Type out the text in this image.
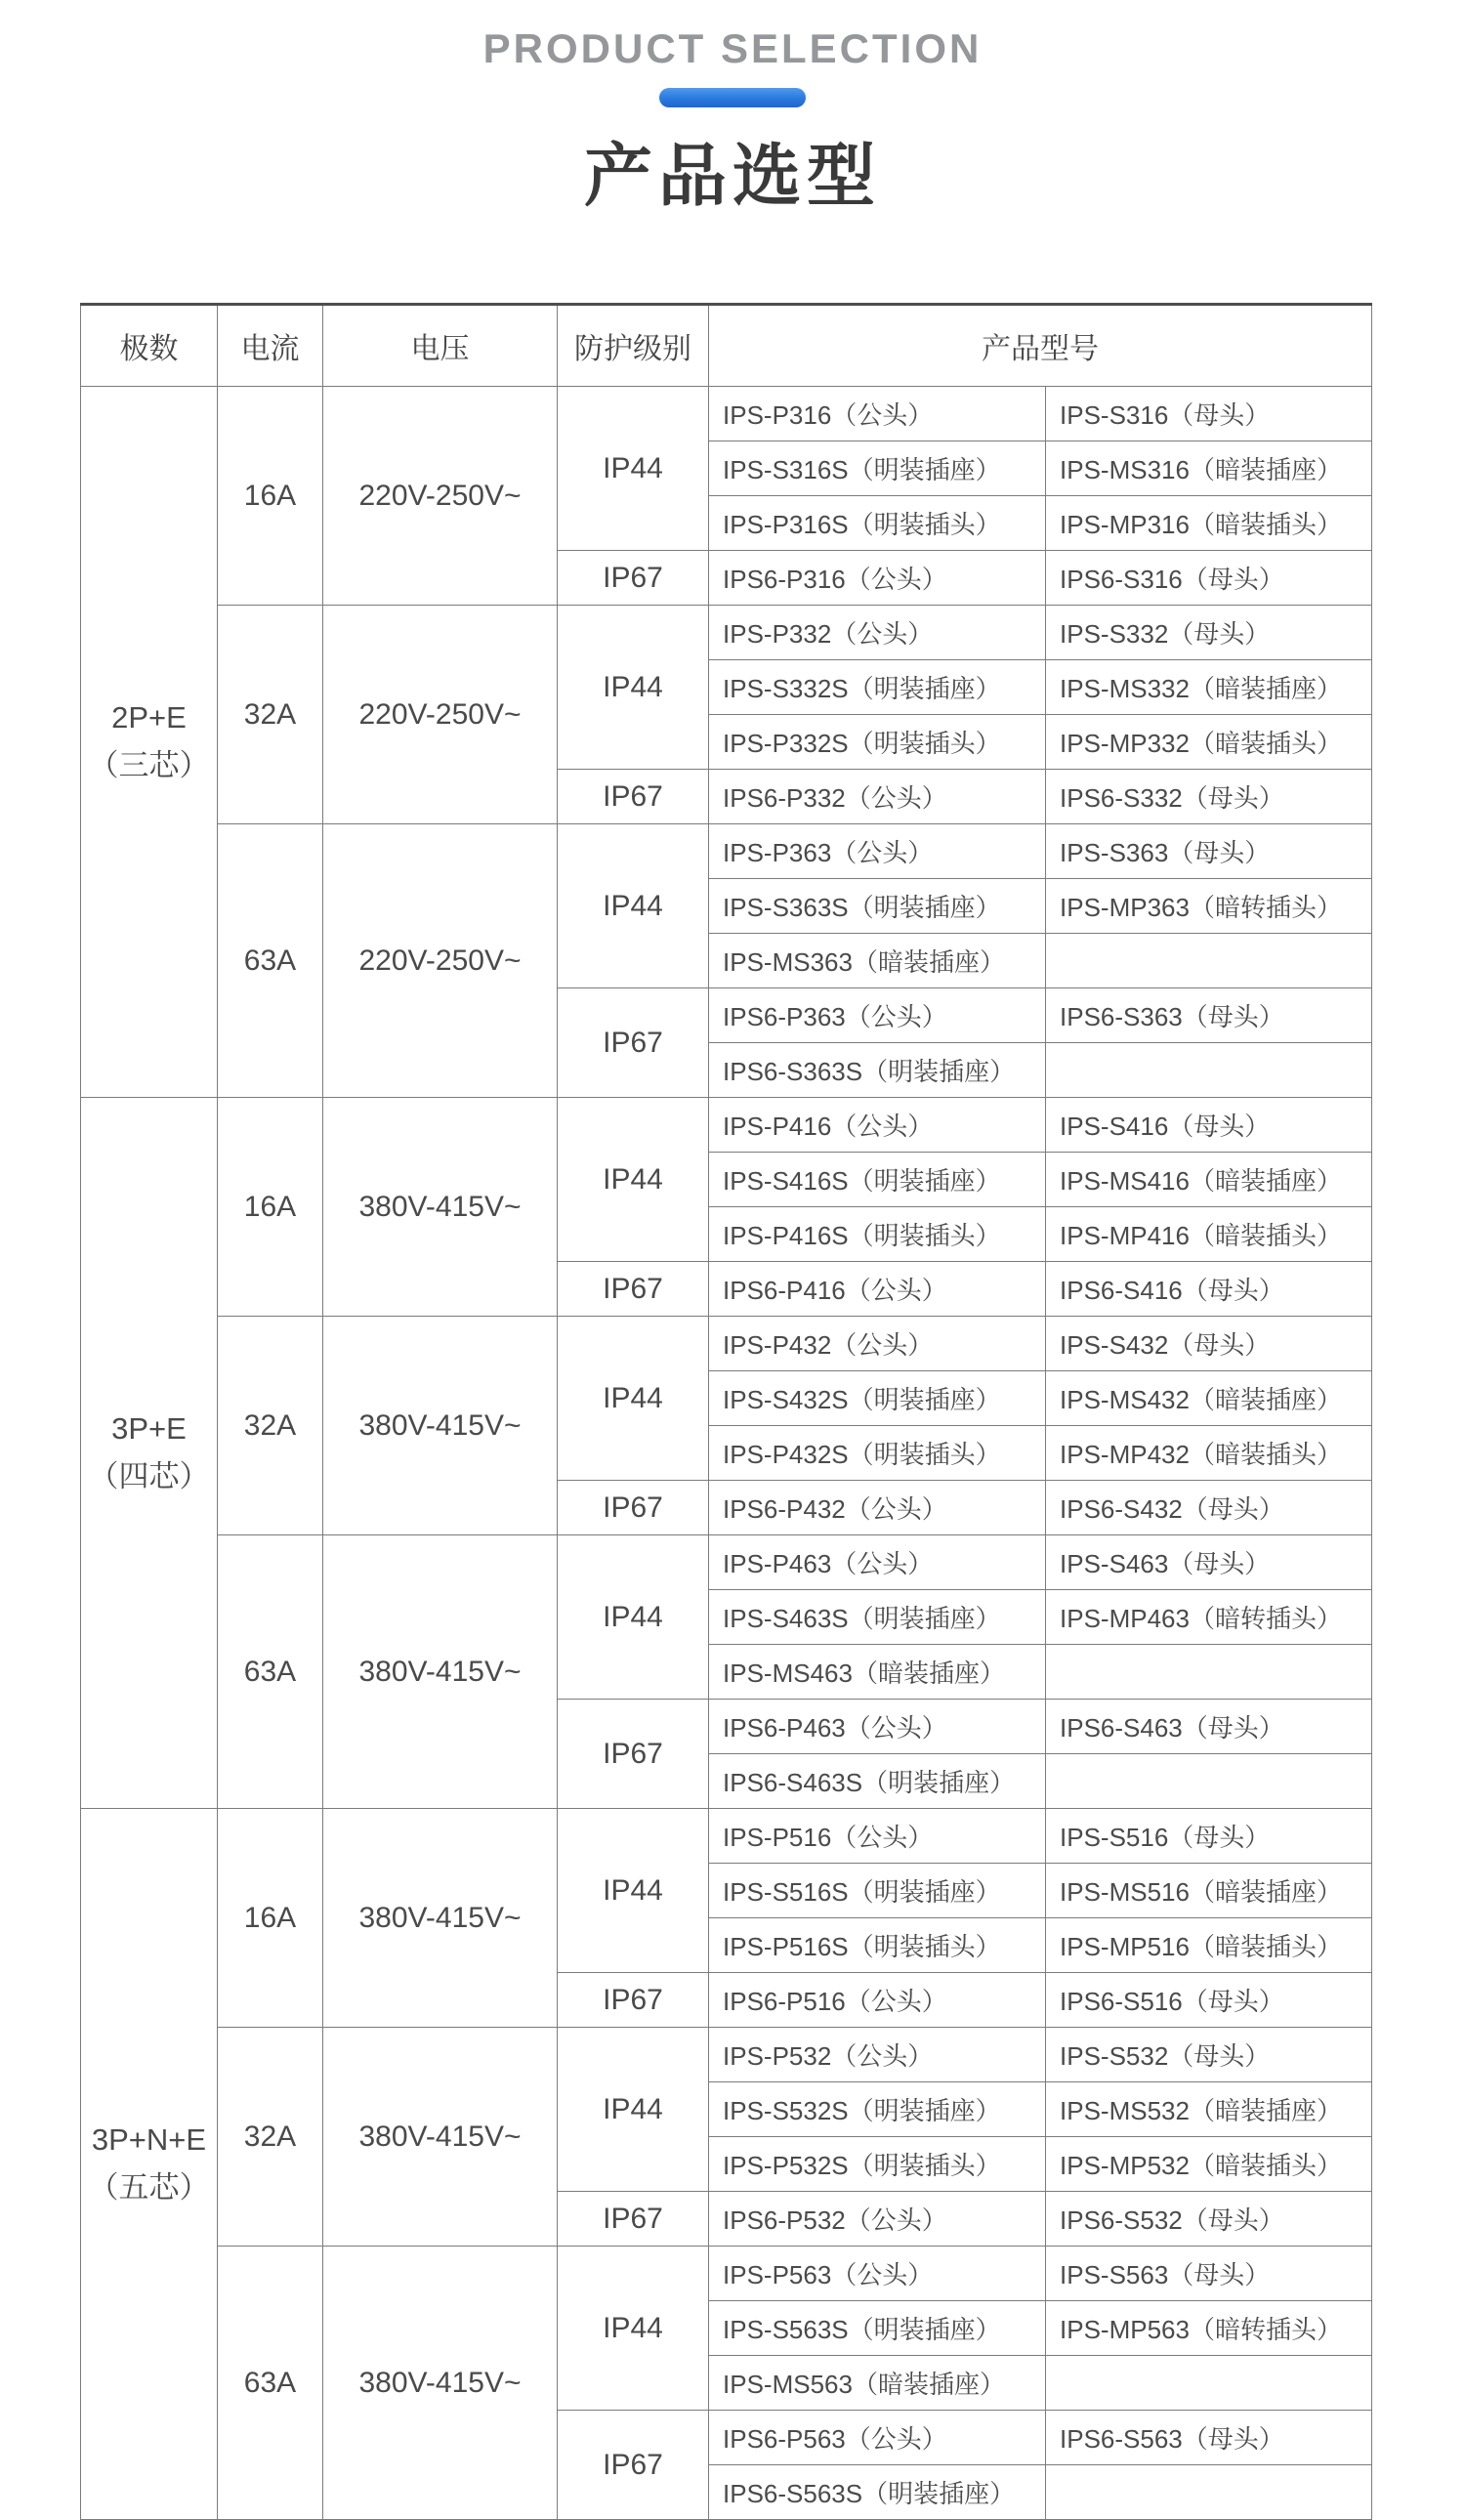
PRODUCT SELECTION
产品选型
极数	电流	电压	防护级别	产品型号	

2P+E
（三芯）	16A	220V-250V~	IP44	IPS-P316（公头）	IPS-S316（母头）
				IPS-S316S（明装插座）	IPS-MS316（暗装插座）
				IPS-P316S（明装插头）	IPS-MP316（暗装插头）
			IP67	IPS6-P316（公头）	IPS6-S316（母头）
	32A	220V-250V~	IP44	IPS-P332（公头）	IPS-S332（母头）
				IPS-S332S（明装插座）	IPS-MS332（暗装插座）
				IPS-P332S（明装插头）	IPS-MP332（暗装插头）
			IP67	IPS6-P332（公头）	IPS6-S332（母头）
	63A	220V-250V~	IP44	IPS-P363（公头）	IPS-S363（母头）
				IPS-S363S（明装插座）	IPS-MP363（暗转插头）
				IPS-MS363（暗装插座）	
			IP67	IPS6-P363（公头）	IPS6-S363（母头）
				IPS6-S363S（明装插座）	

3P+E
（四芯）	16A	380V-415V~	IP44	IPS-P416（公头）	IPS-S416（母头）
				IPS-S416S（明装插座）	IPS-MS416（暗装插座）
				IPS-P416S（明装插头）	IPS-MP416（暗装插头）
			IP67	IPS6-P416（公头）	IPS6-S416（母头）
	32A	380V-415V~	IP44	IPS-P432（公头）	IPS-S432（母头）
				IPS-S432S（明装插座）	IPS-MS432（暗装插座）
				IPS-P432S（明装插头）	IPS-MP432（暗装插头）
			IP67	IPS6-P432（公头）	IPS6-S432（母头）
	63A	380V-415V~	IP44	IPS-P463（公头）	IPS-S463（母头）
				IPS-S463S（明装插座）	IPS-MP463（暗转插头）
				IPS-MS463（暗装插座）	
			IP67	IPS6-P463（公头）	IPS6-S463（母头）
				IPS6-S463S（明装插座）	

3P+N+E
（五芯）	16A	380V-415V~	IP44	IPS-P516（公头）	IPS-S516（母头）
				IPS-S516S（明装插座）	IPS-MS516（暗装插座）
				IPS-P516S（明装插头）	IPS-MP516（暗装插头）
			IP67	IPS6-P516（公头）	IPS6-S516（母头）
	32A	380V-415V~	IP44	IPS-P532（公头）	IPS-S532（母头）
				IPS-S532S（明装插座）	IPS-MS532（暗装插座）
				IPS-P532S（明装插头）	IPS-MP532（暗装插头）
			IP67	IPS6-P532（公头）	IPS6-S532（母头）
	63A	380V-415V~	IP44	IPS-P563（公头）	IPS-S563（母头）
				IPS-S563S（明装插座）	IPS-MP563（暗转插头）
				IPS-MS563（暗装插座）	
			IP67	IPS6-P563（公头）	IPS6-S563（母头）
				IPS6-S563S（明装插座）	
